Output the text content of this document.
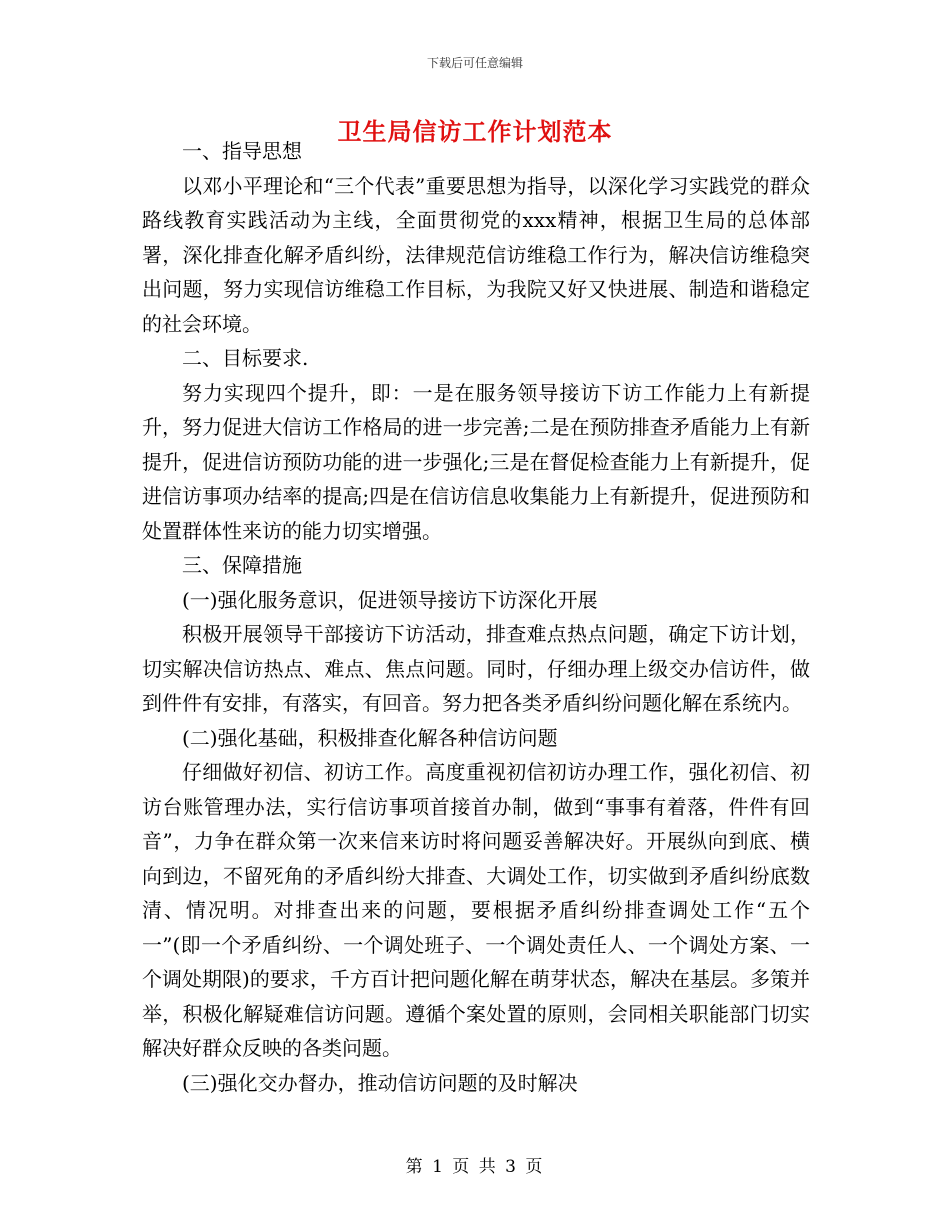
下载后可任意编辑
卫生局信访工作计划范本

一、指导思想

以邓小平理论和“三个代表”重要思想为指导，以深化学习实践党的群众路线教育实践活动为主线，全面贯彻党的xxx精神，根据卫生局的总体部署，深化排查化解矛盾纠纷，法律规范信访维稳工作行为，解决信访维稳突出问题，努力实现信访维稳工作目标，为我院又好又快进展、制造和谐稳定的社会环境。

二、目标要求.

努力实现四个提升，即：一是在服务领导接访下访工作能力上有新提升，努力促进大信访工作格局的进一步完善;二是在预防排查矛盾能力上有新提升，促进信访预防功能的进一步强化;三是在督促检查能力上有新提升，促进信访事项办结率的提高;四是在信访信息收集能力上有新提升，促进预防和处置群体性来访的能力切实增强。

三、保障措施

(一)强化服务意识，促进领导接访下访深化开展

积极开展领导干部接访下访活动，排查难点热点问题，确定下访计划，切实解决信访热点、难点、焦点问题。同时，仔细办理上级交办信访件，做到件件有安排，有落实，有回音。努力把各类矛盾纠纷问题化解在系统内。

(二)强化基础，积极排查化解各种信访问题

仔细做好初信、初访工作。高度重视初信初访办理工作，强化初信、初访台账管理办法，实行信访事项首接首办制，做到“事事有着落，件件有回音”，力争在群众第一次来信来访时将问题妥善解决好。开展纵向到底、横向到边，不留死角的矛盾纠纷大排查、大调处工作，切实做到矛盾纠纷底数清、情况明。对排查出来的问题，要根据矛盾纠纷排查调处工作“五个一”(即一个矛盾纠纷、一个调处班子、一个调处责任人、一个调处方案、一个调处期限)的要求，千方百计把问题化解在萌芽状态，解决在基层。多策并举，积极化解疑难信访问题。遵循个案处置的原则，会同相关职能部门切实解决好群众反映的各类问题。

(三)强化交办督办，推动信访问题的及时解决

第 1 页 共 3 页
